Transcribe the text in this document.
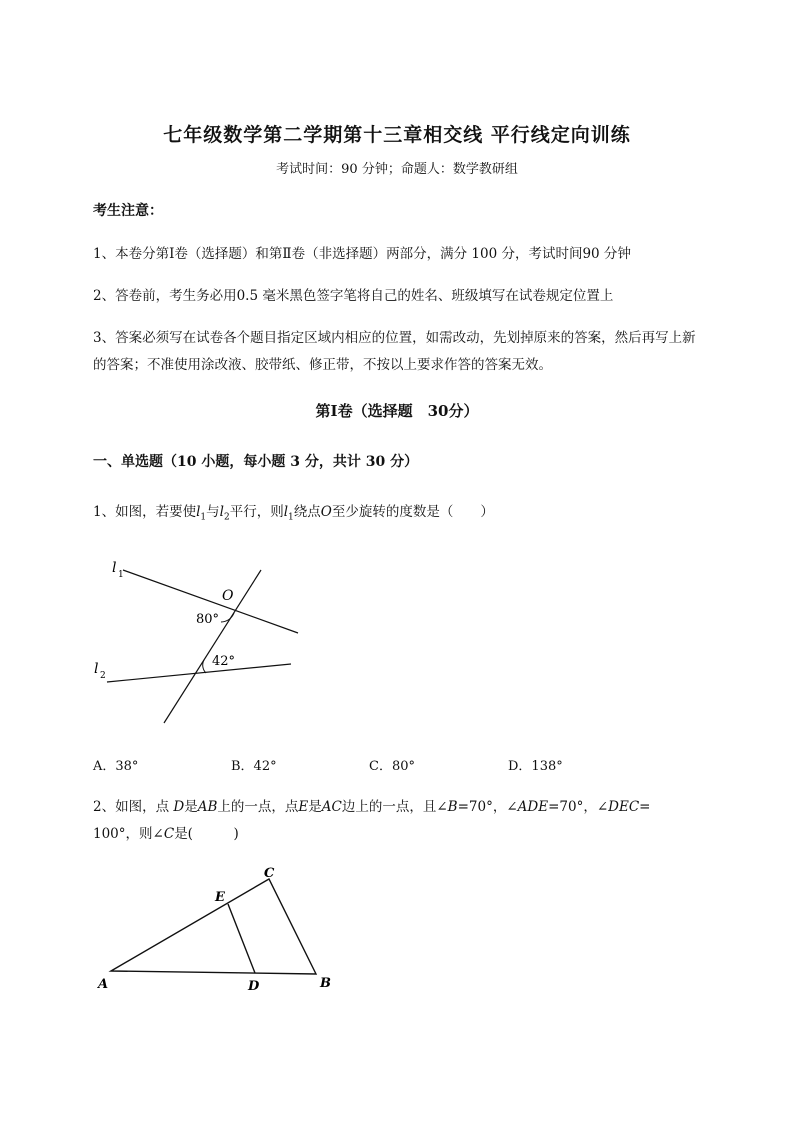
七年级数学第二学期第十三章相交线 平行线定向训练
考试时间：90 分钟；命题人：数学教研组
考生注意：
1、本卷分第Ⅰ卷（选择题）和第Ⅱ卷（非选择题）两部分，满分 100 分，考试时间90 分钟
2、答卷前，考生务必用0.5 毫米黑色签字笔将自己的姓名、班级填写在试卷规定位置上
3、答案必须写在试卷各个题目指定区域内相应的位置，如需改动，先划掉原来的答案，然后再写上新
的答案；不准使用涂改液、胶带纸、修正带，不按以上要求作答的答案无效。
第Ⅰ卷（选择题　30分）
一、单选题（10 小题，每小题 3 分，共计 30 分）
1、如图，若要使$l_1$与$l_2$平行，则$l_1$绕点O至少旋转的度数是（　　）
l 1
l 2
O
80°
42°
A	B
C
D
E
A．38°	B．42°	C．80°	D．138°
2、如图，点 D是AB上的一点，点E是AC边上的一点，且∠B=70°，∠ADE=70°，∠DEC=
100°，则∠C是(　　　)
